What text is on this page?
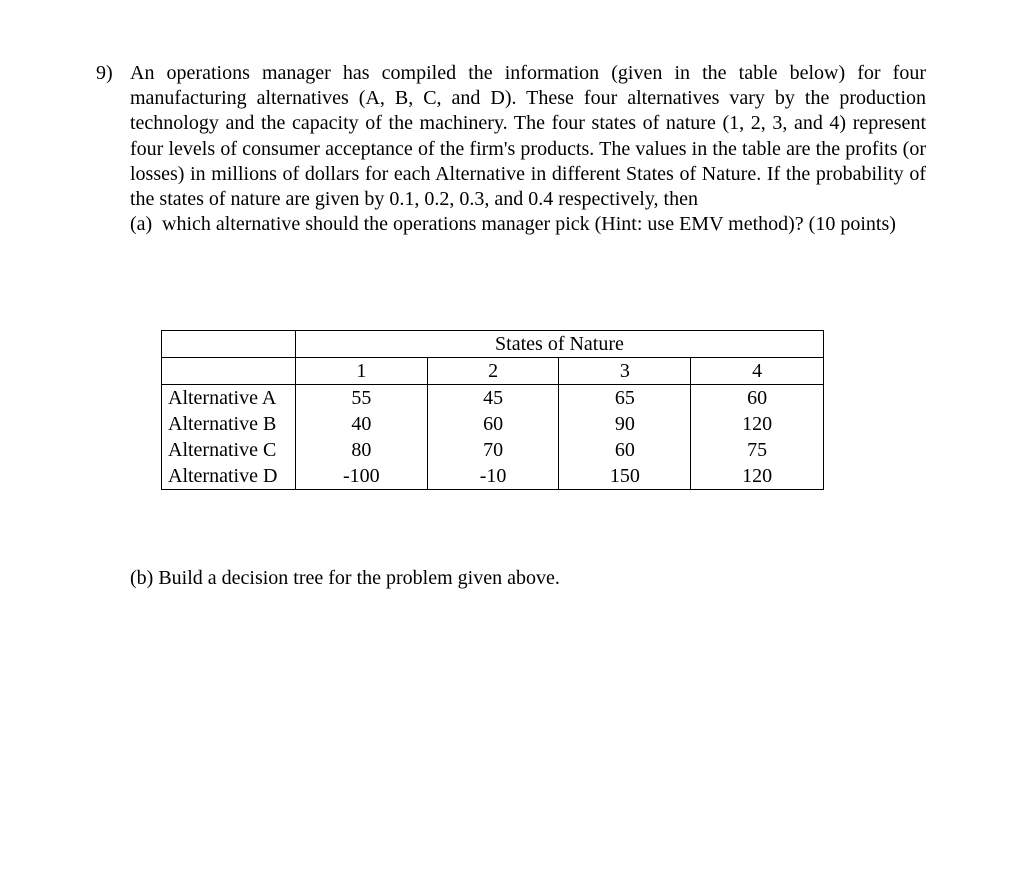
9) An operations manager has compiled the information (given in the table below) for four manufacturing alternatives (A, B, C, and D). These four alternatives vary by the production technology and the capacity of the machinery. The four states of nature (1, 2, 3, and 4) represent four levels of consumer acceptance of the firm's products. The values in the table are the profits (or losses) in millions of dollars for each Alternative in different States of Nature. If the probability of the states of nature are given by 0.1, 0.2, 0.3, and 0.4 respectively, then
(a) which alternative should the operations manager pick (Hint: use EMV method)? (10 points)
	States of Nature			
	1	2	3	4
Alternative A	55	45	65	60
Alternative B	40	60	90	120
Alternative C	80	70	60	75
Alternative D	-100	-10	150	120
(b) Build a decision tree for the problem given above.
